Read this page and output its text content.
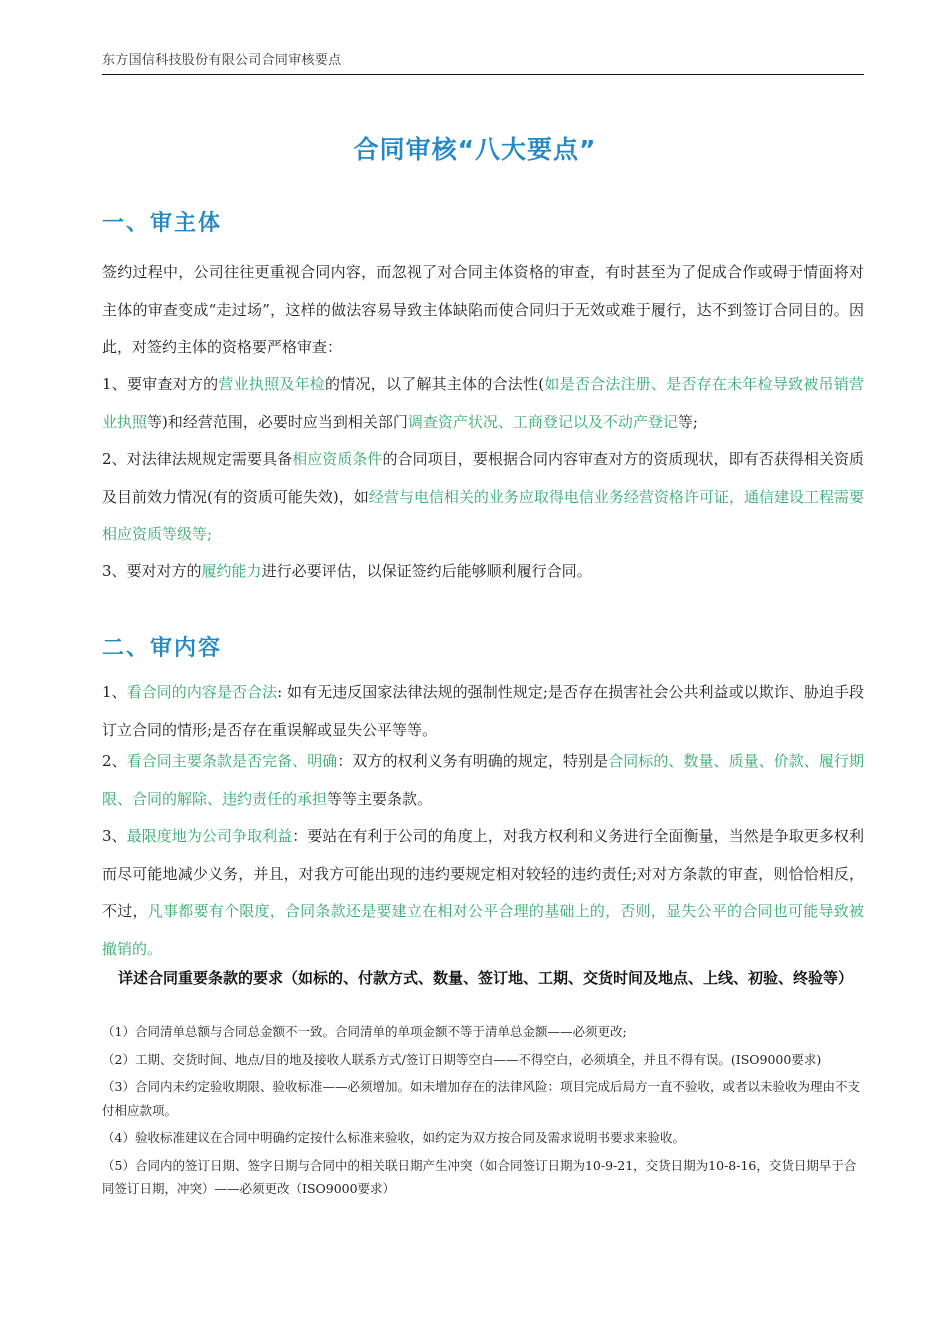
东方国信科技股份有限公司合同审核要点
合同审核“八大要点”
一、审主体

签约过程中，公司往往更重视合同内容，而忽视了对合同主体资格的审查，有时甚至为了促成合作或碍于情面将对主体的审查变成“走过场”，这样的做法容易导致主体缺陷而使合同归于无效或难于履行，达不到签订合同目的。因此，对签约主体的资格要严格审查：

1、要审查对方的营业执照及年检的情况，以了解其主体的合法性(如是否合法注册、是否存在未年检导致被吊销营业执照等)和经营范围，必要时应当到相关部门调查资产状况、工商登记以及不动产登记等;

2、对法律法规规定需要具备相应资质条件的合同项目，要根据合同内容审查对方的资质现状，即有否获得相关资质及目前效力情况(有的资质可能失效)，如经营与电信相关的业务应取得电信业务经营资格许可证，通信建设工程需要相应资质等级等;

3、要对对方的履约能力进行必要评估，以保证签约后能够顺利履行合同。

二、审内容

1、看合同的内容是否合法: 如有无违反国家法律法规的强制性规定;是否存在损害社会公共利益或以欺诈、胁迫手段订立合同的情形;是否存在重误解或显失公平等等。

2、看合同主要条款是否完备、明确：双方的权利义务有明确的规定，特别是合同标的、数量、质量、价款、履行期限、合同的解除、违约责任的承担等等主要条款。

3、最限度地为公司争取利益：要站在有利于公司的角度上，对我方权利和义务进行全面衡量，当然是争取更多权利而尽可能地减少义务，并且，对我方可能出现的违约要规定相对较轻的违约责任;对对方条款的审查，则恰恰相反，不过，凡事都要有个限度，合同条款还是要建立在相对公平合理的基础上的，否则，显失公平的合同也可能导致被撤销的。

详述合同重要条款的要求（如标的、付款方式、数量、签订地、工期、交货时间及地点、上线、初验、终验等）

（1）合同清单总额与合同总金额不一致。合同清单的单项金额不等于清单总金额——必须更改;
（2）工期、交货时间、地点/目的地及接收人联系方式/签订日期等空白——不得空白，必须填全，并且不得有误。(ISO9000要求)
（3）合同内未约定验收期限、验收标准——必须增加。如未增加存在的法律风险：项目完成后局方一直不验收，或者以未验收为理由不支付相应款项。
（4）验收标准建议在合同中明确约定按什么标准来验收，如约定为双方按合同及需求说明书要求来验收。
（5）合同内的签订日期、签字日期与合同中的相关联日期产生冲突（如合同签订日期为10-9-21，交货日期为10-8-16，交货日期早于合同签订日期，冲突）——必须更改（ISO9000要求）
